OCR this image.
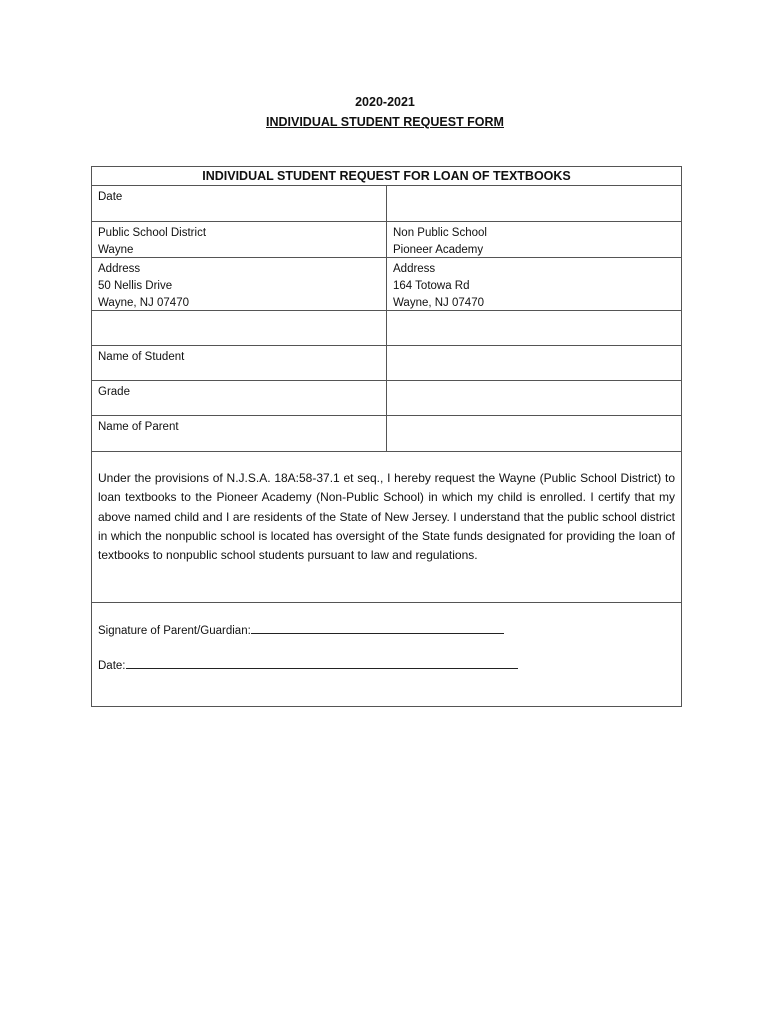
2020-2021
INDIVIDUAL STUDENT REQUEST FORM
INDIVIDUAL STUDENT REQUEST FOR LOAN OF TEXTBOOKS
Date
Public School District
Wayne
Non Public School
Pioneer Academy
Address
50 Nellis Drive
Wayne, NJ 07470
Address
164 Totowa Rd
Wayne, NJ 07470
Name of Student
Grade
Name of Parent
Under the provisions of N.J.S.A. 18A:58-37.1 et seq., I hereby request the Wayne (Public School District) to loan textbooks to the Pioneer Academy (Non-Public School) in which my child is enrolled. I certify that my above named child and I are residents of the State of New Jersey. I understand that the public school district in which the nonpublic school is located has oversight of the State funds designated for providing the loan of textbooks to nonpublic school students pursuant to law and regulations.
Signature of Parent/Guardian:
Date:
